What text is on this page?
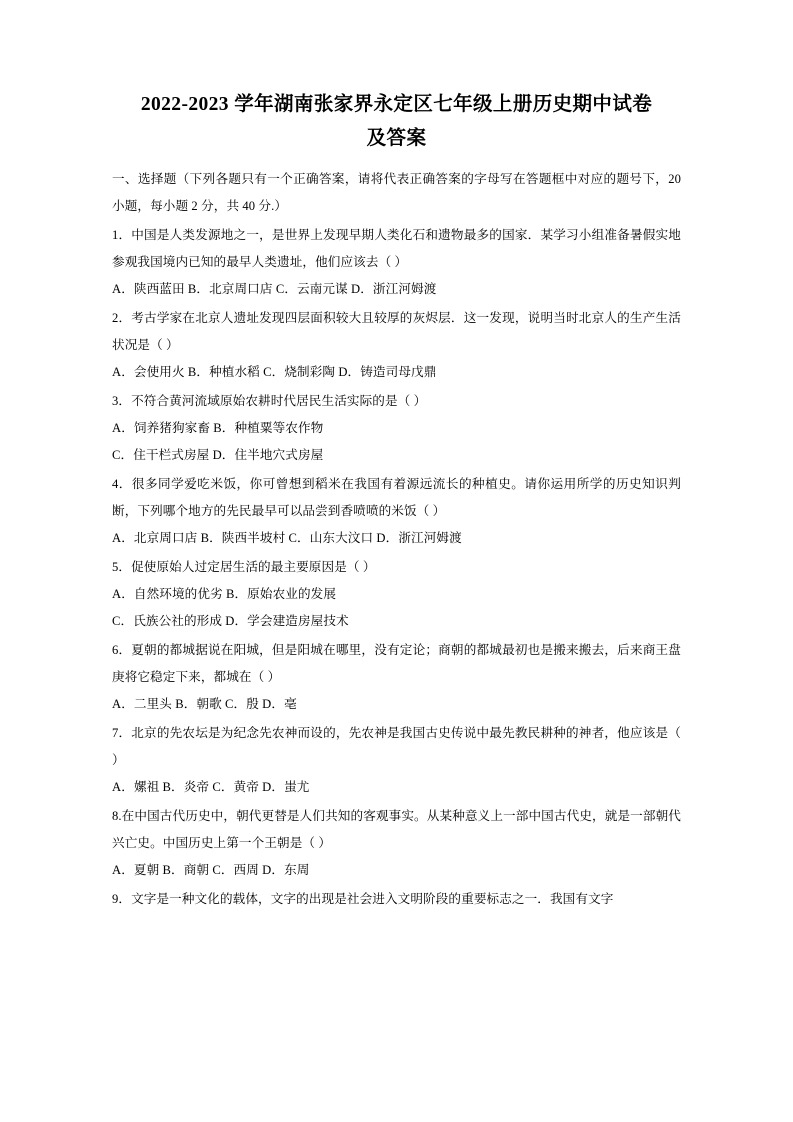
2022-2023 学年湖南张家界永定区七年级上册历史期中试卷
及答案
一、选择题（下列各题只有一个正确答案，请将代表正确答案的字母写在答题框中对应的题号下，20 小题，每小题 2 分，共 40 分.）

1．中国是人类发源地之一，是世界上发现早期人类化石和遗物最多的国家．某学习小组准备暑假实地参观我国境内已知的最早人类遗址，他们应该去（ ）

A．陕西蓝田 B．北京周口店 C．云南元谋 D．浙江河姆渡

2．考古学家在北京人遗址发现四层面积较大且较厚的灰烬层．这一发现，说明当时北京人的生产生活状况是（ ）

A．会使用火 B．种植水稻 C．烧制彩陶 D．铸造司母戊鼎

3．不符合黄河流域原始农耕时代居民生活实际的是（ ）

A．饲养猪狗家畜 B．种植粟等农作物

C．住干栏式房屋 D．住半地穴式房屋

4．很多同学爱吃米饭，你可曾想到稻米在我国有着源远流长的种植史。请你运用所学的历史知识判断，下列哪个地方的先民最早可以品尝到香喷喷的米饭（ ）

A．北京周口店 B．陕西半坡村 C．山东大汶口 D．浙江河姆渡

5．促使原始人过定居生活的最主要原因是（ ）

A．自然环境的优劣 B．原始农业的发展

C．氏族公社的形成 D．学会建造房屋技术

6．夏朝的都城据说在阳城，但是阳城在哪里，没有定论；商朝的都城最初也是搬来搬去，后来商王盘庚将它稳定下来，都城在（ ）

A．二里头 B．朝歌 C．殷 D．亳

7．北京的先农坛是为纪念先农神而设的，先农神是我国古史传说中最先教民耕种的神者，他应该是（ ）

A．嫘祖 B．炎帝 C．黄帝 D．蚩尤

8.在中国古代历史中，朝代更替是人们共知的客观事实。从某种意义上一部中国古代史，就是一部朝代兴亡史。中国历史上第一个王朝是（ ）

A．夏朝 B．商朝 C．西周 D．东周

9．文字是一种文化的载体，文字的出现是社会进入文明阶段的重要标志之一．我国有文字
